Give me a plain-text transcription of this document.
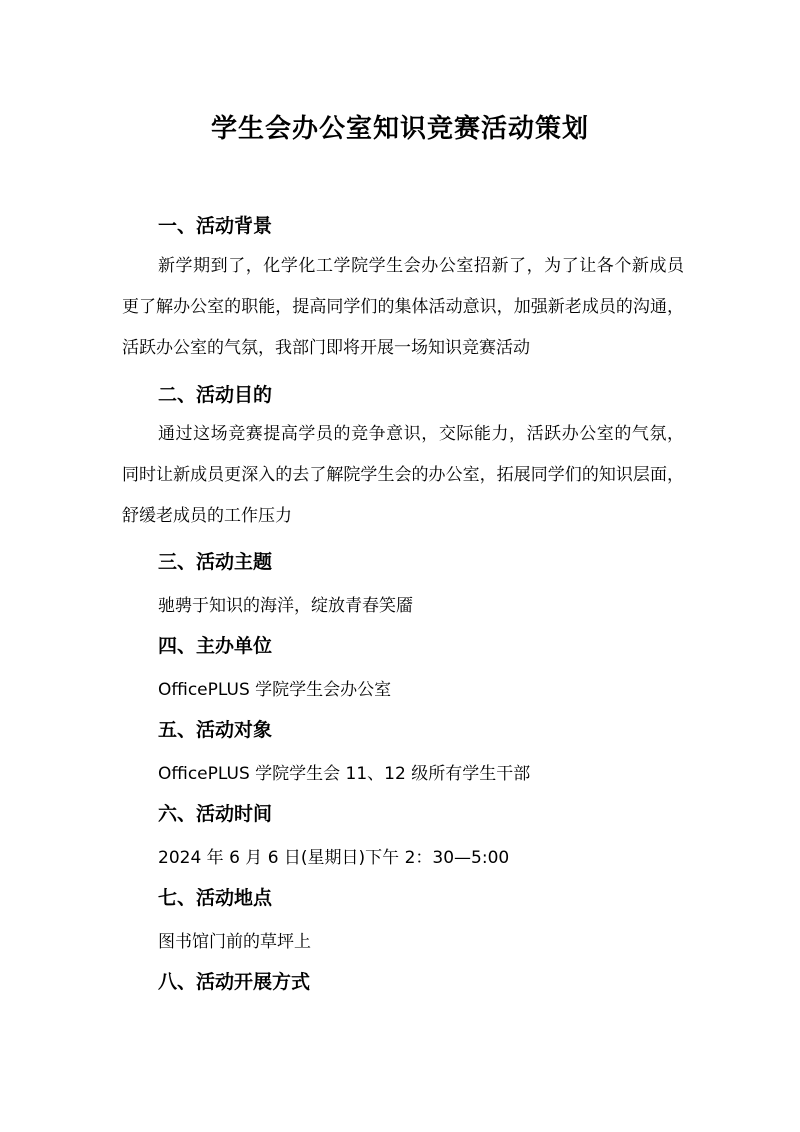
学生会办公室知识竞赛活动策划
一、活动背景
新学期到了，化学化工学院学生会办公室招新了，为了让各个新成员更了解办公室的职能，提高同学们的集体活动意识，加强新老成员的沟通，活跃办公室的气氛，我部门即将开展一场知识竞赛活动
二、活动目的
通过这场竞赛提高学员的竞争意识，交际能力，活跃办公室的气氛，同时让新成员更深入的去了解院学生会的办公室，拓展同学们的知识层面，舒缓老成员的工作压力
三、活动主题
驰骋于知识的海洋，绽放青春笑靥
四、主办单位
OfficePLUS 学院学生会办公室
五、活动对象
OfficePLUS 学院学生会 11、12 级所有学生干部
六、活动时间
2024 年 6 月 6 日(星期日)下午 2：30—5:00
七、活动地点
图书馆门前的草坪上
八、活动开展方式
